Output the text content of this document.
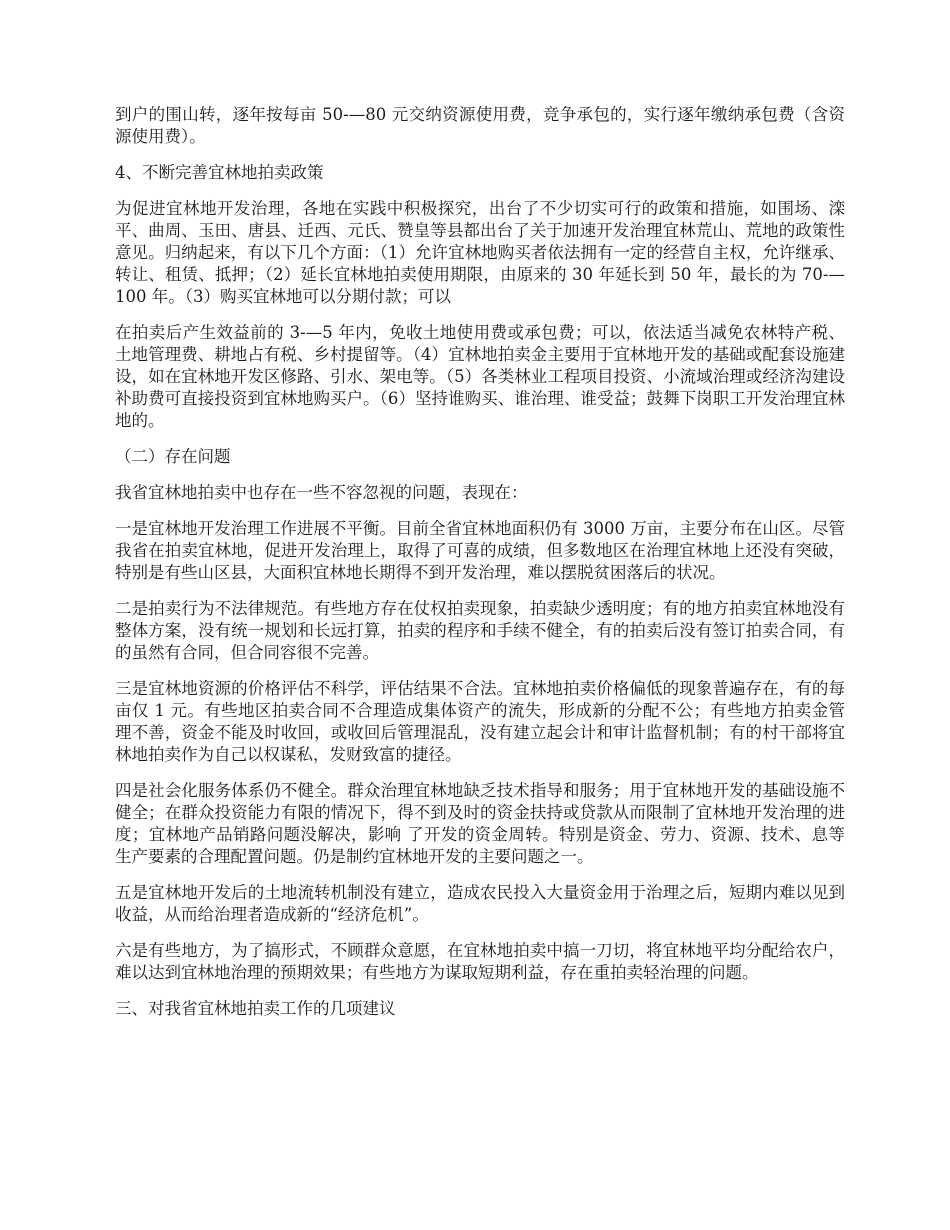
到户的围山转，逐年按每亩 50-—80 元交纳资源使用费，竞争承包的，实行逐年缴纳承包费（含资源使用费）。

4、不断完善宜林地拍卖政策

为促进宜林地开发治理，各地在实践中积极探究，出台了不少切实可行的政策和措施，如围场、滦平、曲周、玉田、唐县、迁西、元氏、赞皇等县都出台了关于加速开发治理宜林荒山、荒地的政策性意见。归纳起来，有以下几个方面：（1）允许宜林地购买者依法拥有一定的经营自主权，允许继承、转让、租赁、抵押；（2）延长宜林地拍卖使用期限，由原来的 30 年延长到 50 年，最长的为 70-—100 年。（3）购买宜林地可以分期付款；可以

在拍卖后产生效益前的 3-—5 年内，免收土地使用费或承包费；可以，依法适当减免农林特产税、土地管理费、耕地占有税、乡村提留等。（4）宜林地拍卖金主要用于宜林地开发的基础或配套设施建设，如在宜林地开发区修路、引水、架电等。（5）各类林业工程项目投资、小流域治理或经济沟建设补助费可直接投资到宜林地购买户。（6）坚持谁购买、谁治理、谁受益；鼓舞下岗职工开发治理宜林地的。

（二）存在问题

我省宜林地拍卖中也存在一些不容忽视的问题，表现在：

一是宜林地开发治理工作进展不平衡。目前全省宜林地面积仍有 3000 万亩，主要分布在山区。尽管我省在拍卖宜林地，促进开发治理上，取得了可喜的成绩，但多数地区在治理宜林地上还没有突破，特别是有些山区县，大面积宜林地长期得不到开发治理，难以摆脱贫困落后的状况。

二是拍卖行为不法律规范。有些地方存在仗权拍卖现象，拍卖缺少透明度；有的地方拍卖宜林地没有整体方案，没有统一规划和长远打算，拍卖的程序和手续不健全，有的拍卖后没有签订拍卖合同，有的虽然有合同，但合同容很不完善。

三是宜林地资源的价格评估不科学，评估结果不合法。宜林地拍卖价格偏低的现象普遍存在，有的每亩仅 1 元。有些地区拍卖合同不合理造成集体资产的流失，形成新的分配不公；有些地方拍卖金管理不善，资金不能及时收回，或收回后管理混乱，没有建立起会计和审计监督机制；有的村干部将宜林地拍卖作为自己以权谋私，发财致富的捷径。

四是社会化服务体系仍不健全。群众治理宜林地缺乏技术指导和服务；用于宜林地开发的基础设施不健全；在群众投资能力有限的情况下，得不到及时的资金扶持或贷款从而限制了宜林地开发治理的进度；宜林地产品销路问题没解决，影响 了开发的资金周转。特别是资金、劳力、资源、技术、息等生产要素的合理配置问题。仍是制约宜林地开发的主要问题之一。

五是宜林地开发后的土地流转机制没有建立，造成农民投入大量资金用于治理之后，短期内难以见到收益，从而给治理者造成新的“经济危机”。

六是有些地方，为了搞形式，不顾群众意愿，在宜林地拍卖中搞一刀切，将宜林地平均分配给农户，难以达到宜林地治理的预期效果；有些地方为谋取短期利益，存在重拍卖轻治理的问题。

三、对我省宜林地拍卖工作的几项建议
